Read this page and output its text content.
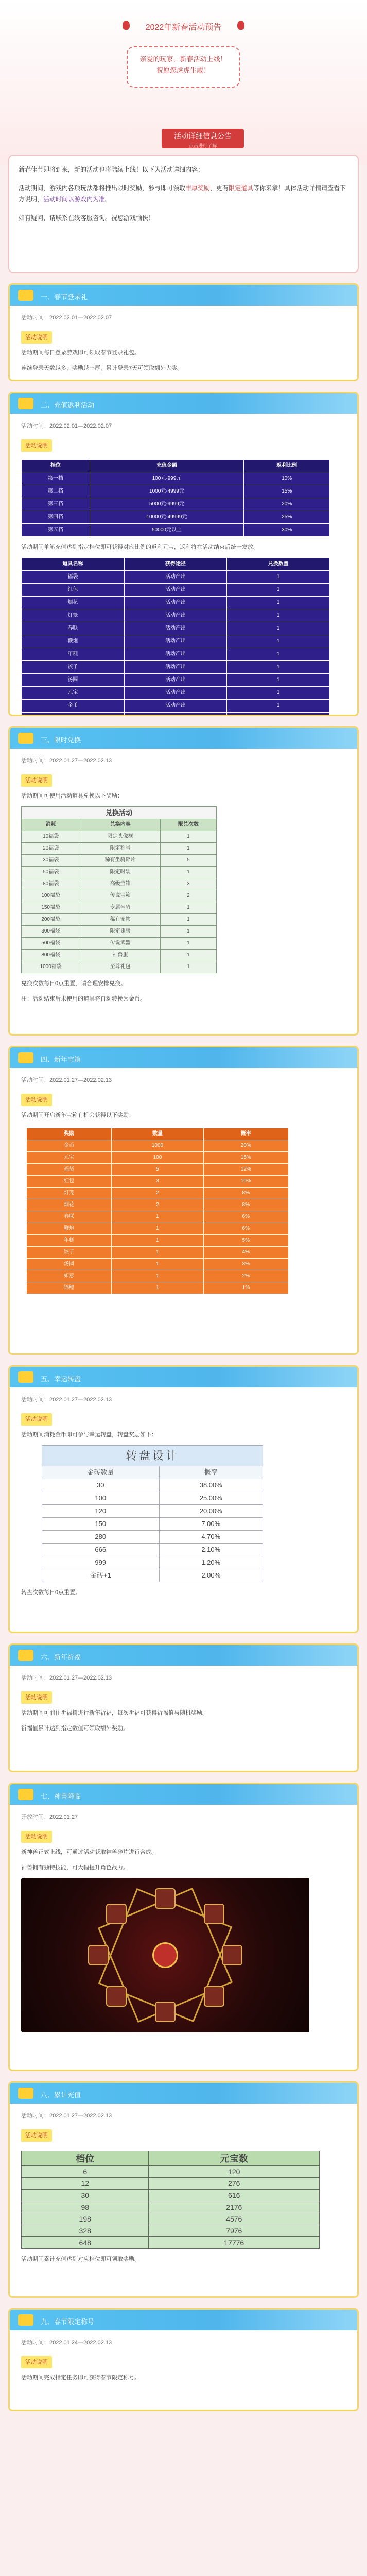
2022年新春活动预告
亲爱的玩家，新春活动上线！
祝愿您虎虎生威！
活动详细信息公告
点击进行了解

新春佳节即将到来，新的活动也将陆续上线！以下为活动详细内容：

活动期间，游戏内各项玩法都将推出限时奖励，参与即可领取丰厚奖励，更有限定道具等你来拿！具体活动详情请查看下方说明，活动时间以游戏内为准。

如有疑问，请联系在线客服咨询。祝您游戏愉快！

一、春节登录礼
活动时间：2022.02.01—2022.02.07
活动说明
活动期间每日登录游戏即可领取春节登录礼包。
连续登录天数越多，奖励越丰厚，累计登录7天可领取额外大奖。
二、充值返利活动
活动时间：2022.02.01—2022.02.07
活动说明
档位	充值金额	返利比例
第一档	100元-999元	10%
第二档	1000元-4999元	15%
第三档	5000元-9999元	20%
第四档	10000元-49999元	25%
第五档	50000元以上	30%
活动期间单笔充值达到指定档位即可获得对应比例的返利元宝，返利将在活动结束后统一发放。
道具名称	获得途径	兑换数量
福袋	活动产出	1
红包	活动产出	1
烟花	活动产出	1
灯笼	活动产出	1
春联	活动产出	1
鞭炮	活动产出	1
年糕	活动产出	1
饺子	活动产出	1
汤圆	活动产出	1
元宝	活动产出	1
金币	活动产出	1

三、限时兑换
活动时间：2022.01.27—2022.02.13
活动说明
活动期间可使用活动道具兑换以下奖励：
兑换活动		
消耗	兑换内容	限兑次数
10福袋	限定头像框	1
20福袋	限定称号	1
30福袋	稀有坐骑碎片	5
50福袋	限定时装	1
80福袋	高级宝箱	3
100福袋	传说宝箱	2
150福袋	专属坐骑	1
200福袋	稀有宠物	1
300福袋	限定翅膀	1
500福袋	传说武器	1
800福袋	神兽蛋	1
1000福袋	至尊礼包	1
兑换次数每日0点重置，请合理安排兑换。
注：活动结束后未使用的道具将自动转换为金币。
四、新年宝箱
活动时间：2022.01.27—2022.02.13
活动说明
活动期间开启新年宝箱有机会获得以下奖励：
奖励	数量	概率
金币	1000	20%
元宝	100	15%
福袋	5	12%
红包	3	10%
灯笼	2	8%
烟花	2	8%
春联	1	6%
鞭炮	1	6%
年糕	1	5%
饺子	1	4%
汤圆	1	3%
如意	1	2%
锦鲤	1	1%
五、幸运转盘
活动时间：2022.01.27—2022.02.13
活动说明
活动期间消耗金币即可参与幸运转盘，转盘奖励如下：
转盘设计	
金砖数量	概率
30	38.00%
100	25.00%
120	20.00%
150	7.00%
280	4.70%
666	2.10%
999	1.20%
金砖+1	2.00%
转盘次数每日0点重置。
六、新年祈福
活动时间：2022.01.27—2022.02.13
活动说明
活动期间可前往祈福树进行新年祈福，每次祈福可获得祈福值与随机奖励。
祈福值累计达到指定数值可领取额外奖励。
七、神兽降临
开放时间：2022.01.27
活动说明
新神兽正式上线，可通过活动获取神兽碎片进行合成。
神兽拥有独特技能，可大幅提升角色战力。
八、累计充值
活动时间：2022.01.27—2022.02.13
活动说明
档位	元宝数
6	120
12	276
30	616
98	2176
198	4576
328	7976
648	17776
活动期间累计充值达到对应档位即可领取奖励。
九、春节限定称号
活动时间：2022.01.24—2022.02.13
活动说明
活动期间完成指定任务即可获得春节限定称号。
